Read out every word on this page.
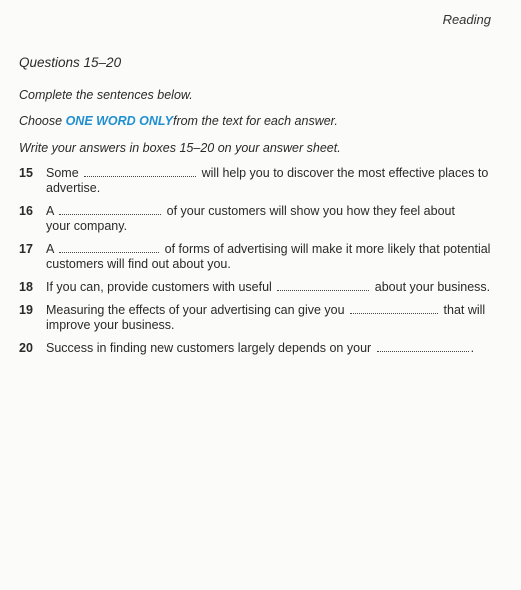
Reading
Questions 15–20
Complete the sentences below.
Choose ONE WORD ONLYfrom the text for each answer.
Write your answers in boxes 15–20 on your answer sheet.
15 Some	will help you to discover the most effective places to
advertise.
16 A	of your customers will show you how they feel about
your company.
17 A	of forms of advertising will make it more likely that potential
customers will find out about you.
18 If you can, provide customers with useful	about your business.
19 Measuring the effects of your advertising can give you	that will
improve your business.
20 Success in finding new customers largely depends on your	.
